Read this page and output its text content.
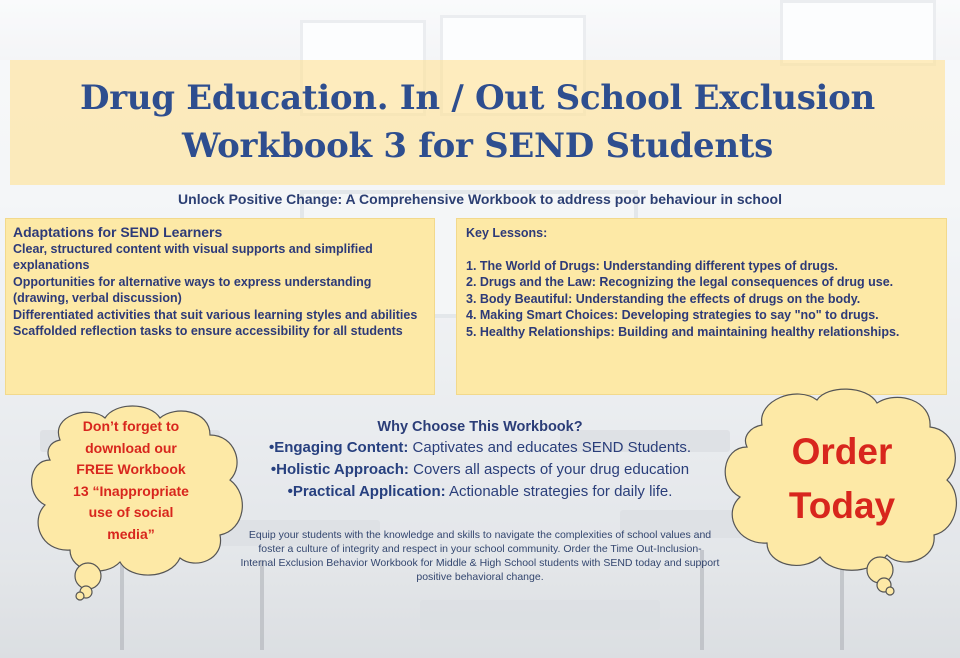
Drug Education. In / Out School Exclusion
Workbook 3 for SEND Students
Unlock Positive Change: A Comprehensive Workbook to address poor behaviour in school
Adaptations for SEND Learners

Clear, structured content with visual supports and simplified explanations

Opportunities for alternative ways to express understanding (drawing, verbal discussion)

Differentiated activities that suit various learning styles and abilities

Scaffolded reflection tasks to ensure accessibility for all students

Key Lessons:

1. The World of Drugs: Understanding different types of drugs.

2. Drugs and the Law: Recognizing the legal consequences of drug use.

3. Body Beautiful: Understanding the effects of drugs on the body.

4. Making Smart Choices: Developing strategies to say "no" to drugs.

5. Healthy Relationships: Building and maintaining healthy relationships.

Why Choose This Workbook?
•Engaging Content: Captivates and educates SEND Students.
•Holistic Approach: Covers all aspects of your drug education
•Practical Application: Actionable strategies for daily life.
Equip your students with the knowledge and skills to navigate the complexities of school values and foster a culture of integrity and respect in your school community. Order the Time Out-Inclusion- Internal Exclusion Behavior Workbook for Middle & High School students with SEND today and support positive behavioral change.
Don’t forget to
download our
FREE Workbook
13 “Inappropriate
use of social
media”
Order
Today
